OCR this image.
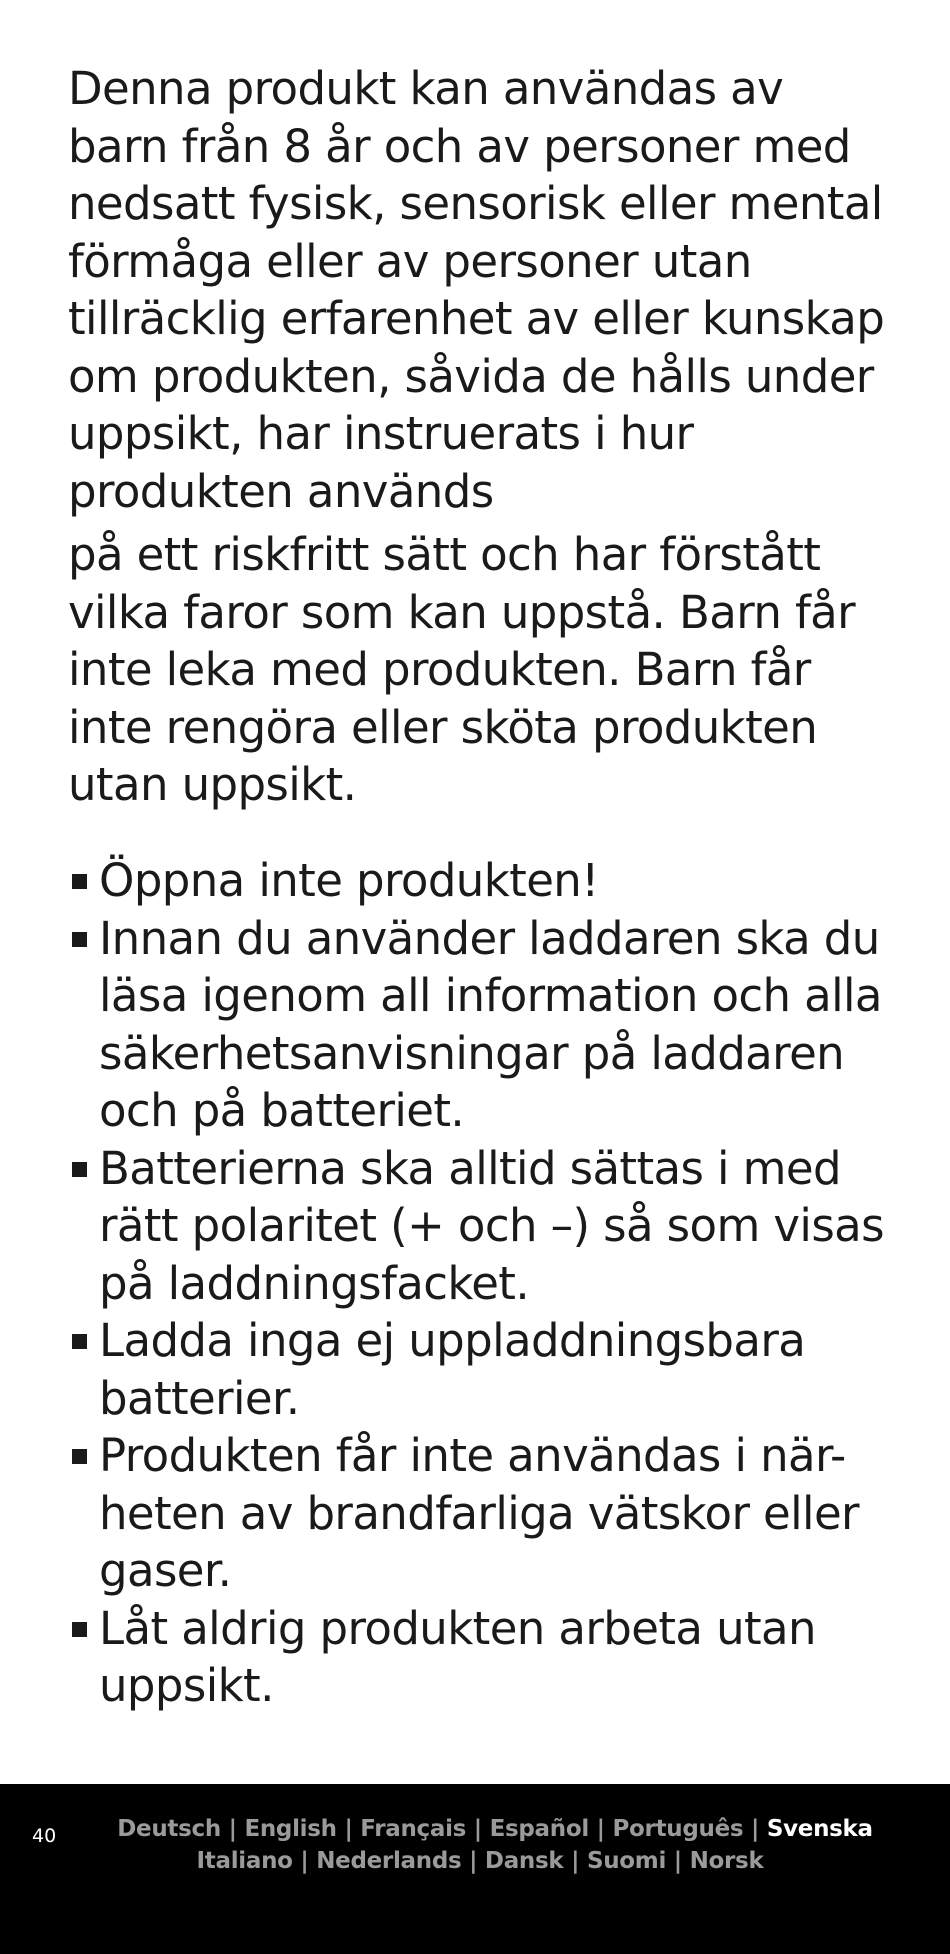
Denna produkt kan användas av barn från 8 år och av personer med nedsatt fysisk, sensorisk eller mental förmåga eller av personer utan tillräcklig erfarenhet av eller kunskap om produkten, såvida de hålls under uppsikt, har instruerats i hur produkten används

på ett riskfritt sätt och har förstått vilka faror som kan uppstå. Barn får inte leka med produkten. Barn får inte rengöra eller sköta produkten utan uppsikt.

Öppna inte produkten!
Innan du använder laddaren ska du läsa igenom all information och alla säkerhetsanvisningar på laddaren och på batteriet.
Batterierna ska alltid sättas i med rätt polaritet (+ och –) så som visas på laddningsfacket.
Ladda inga ej uppladdningsbara batterier.
Produkten får inte användas i när-heten av brandfarliga vätskor eller gaser.
Låt aldrig produkten arbeta utan uppsikt.
40	Deutsch | English | Français | Español | Português | Svenska
Italiano | Nederlands | Dansk | Suomi | Norsk
